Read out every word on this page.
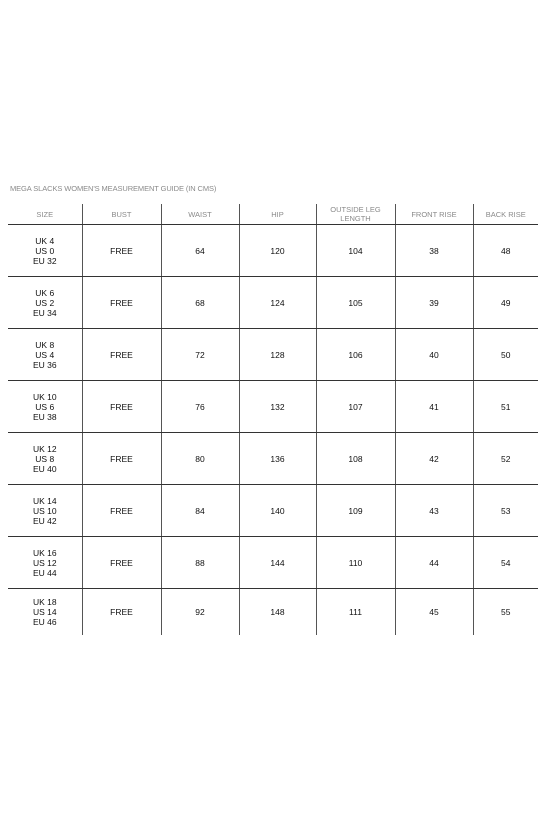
MEGA SLACKS WOMEN'S MEASUREMENT GUIDE (IN CMS)
SIZE	BUST	WAIST	HIP	OUTSIDE LEG LENGTH	FRONT RISE	BACK RISE

UK 4
US 0
EU 32	FREE	64	120	104	38	48

UK 6
US 2
EU 34	FREE	68	124	105	39	49

UK 8
US 4
EU 36	FREE	72	128	106	40	50

UK 10
US 6
EU 38	FREE	76	132	107	41	51

UK 12
US 8
EU 40	FREE	80	136	108	42	52

UK 14
US 10
EU 42	FREE	84	140	109	43	53

UK 16
US 12
EU 44	FREE	88	144	110	44	54

UK 18
US 14
EU 46	FREE	92	148	111	45	55
